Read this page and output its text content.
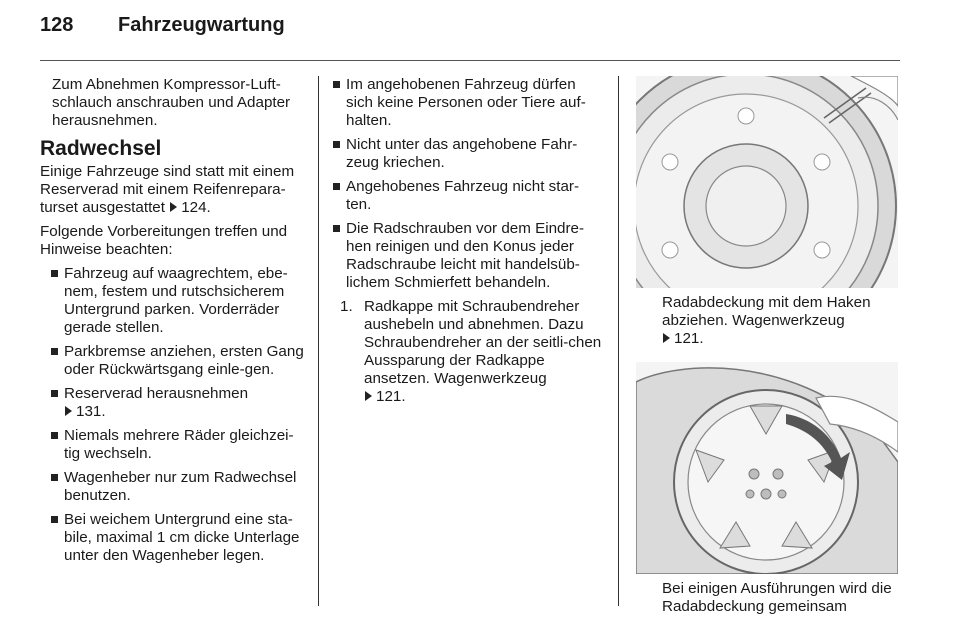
128	Fahrzeugwartung

Zum Abnehmen Kompressor-Luft-schlauch anschrauben und Adapter herausnehmen.

Radwechsel

Einige Fahrzeuge sind statt mit einem Reserverad mit einem Reifenrepara-turset ausgestattet 124.

Folgende Vorbereitungen treffen und Hinweise beachten:

Fahrzeug auf waagrechtem, ebe-nem, festem und rutschsicherem Untergrund parken. Vorderräder gerade stellen.
Parkbremse anziehen, ersten Gang oder Rückwärtsgang einle-gen.
Reserverad herausnehmen
131.
Niemals mehrere Räder gleichzei-tig wechseln.
Wagenheber nur zum Radwechsel benutzen.
Bei weichem Untergrund eine sta-bile, maximal 1 cm dicke Unterlage unter den Wagenheber legen.
Im angehobenen Fahrzeug dürfen sich keine Personen oder Tiere auf-halten.
Nicht unter das angehobene Fahr-zeug kriechen.
Angehobenes Fahrzeug nicht star-ten.
Die Radschrauben vor dem Eindre-hen reinigen und den Konus jeder Radschraube leicht mit handelsüb-lichem Schmierfett behandeln.
1. Radkappe mit Schraubendreher aushebeln und abnehmen. Dazu Schraubendreher an der seitli-chen Aussparung der Radkappe ansetzen. Wagenwerkzeug
121.

Radabdeckung mit dem Haken abziehen. Wagenwerkzeug
121.

Bei einigen Ausführungen wird die Radabdeckung gemeinsam
